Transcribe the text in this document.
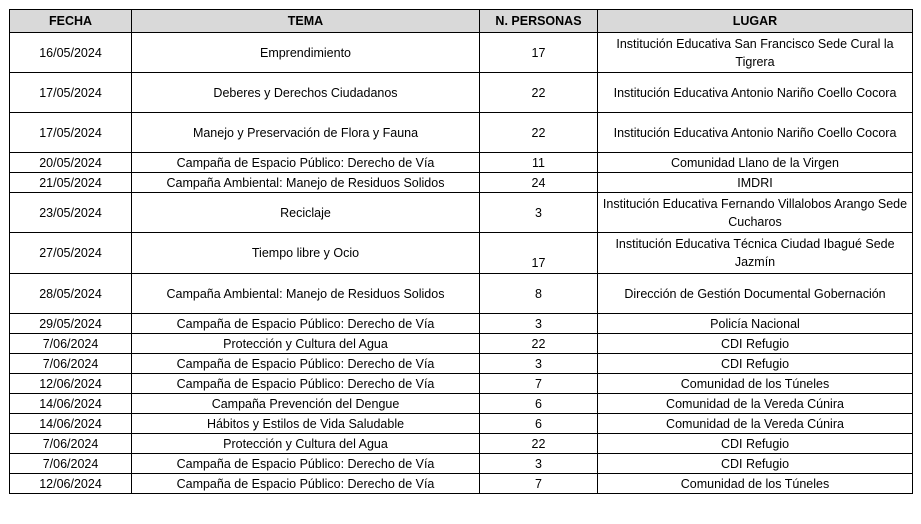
FECHA	TEMA	N. PERSONAS	LUGAR
16/05/2024	Emprendimiento	17	Institución Educativa San Francisco Sede Cural la Tigrera
17/05/2024	Deberes y Derechos Ciudadanos	22	Institución Educativa Antonio Nariño Coello Cocora
17/05/2024	Manejo y Preservación de Flora y Fauna	22	Institución Educativa Antonio Nariño Coello Cocora
20/05/2024	Campaña de Espacio Público: Derecho de Vía	11	Comunidad Llano de la Virgen
21/05/2024	Campaña Ambiental: Manejo de Residuos Solidos	24	IMDRI
23/05/2024	Reciclaje	3	Institución Educativa Fernando Villalobos Arango Sede Cucharos
27/05/2024	Tiempo libre y Ocio	17	Institución Educativa Técnica Ciudad Ibagué Sede Jazmín
28/05/2024	Campaña Ambiental: Manejo de Residuos Solidos	8	Dirección de Gestión Documental Gobernación
29/05/2024	Campaña de Espacio Público: Derecho de Vía	3	Policía Nacional
7/06/2024	Protección y Cultura del Agua	22	CDI Refugio
7/06/2024	Campaña de Espacio Público: Derecho de Vía	3	CDI Refugio
12/06/2024	Campaña de Espacio Público: Derecho de Vía	7	Comunidad de los Túneles
14/06/2024	Campaña Prevención del Dengue	6	Comunidad de la Vereda Cúnira
14/06/2024	Hábitos y Estilos de Vida Saludable	6	Comunidad de la Vereda Cúnira
7/06/2024	Protección y Cultura del Agua	22	CDI Refugio
7/06/2024	Campaña de Espacio Público: Derecho de Vía	3	CDI Refugio
12/06/2024	Campaña de Espacio Público: Derecho de Vía	7	Comunidad de los Túneles
